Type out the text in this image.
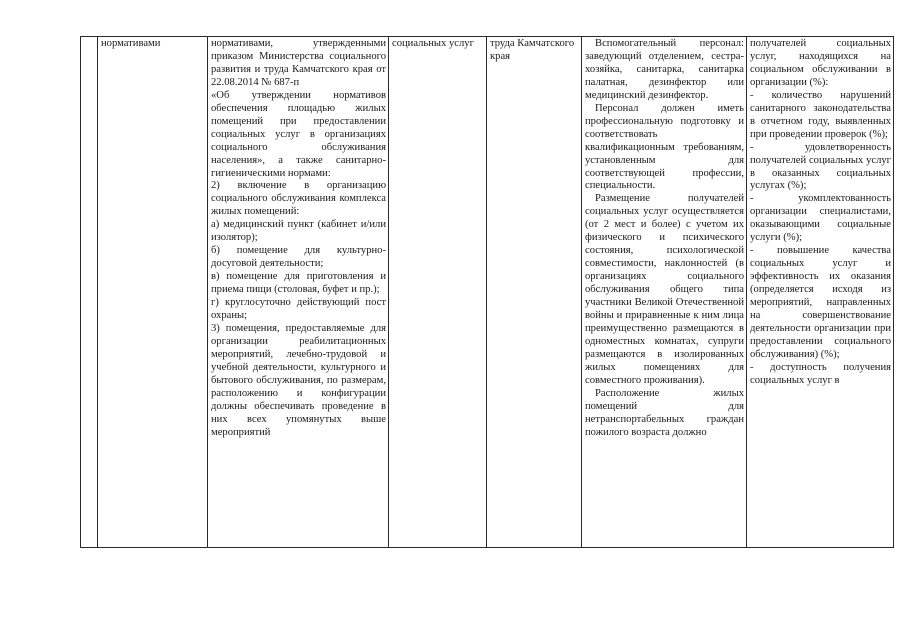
нормативами	нормативами, утвержденными приказом Министерства социального развития и труда Камчатского края от 22.08.2014 № 687-п

«Об утверждении нормативов обеспечения площадью жилых помещений при предоставлении социальных услуг в организациях социального обслуживания населения», а также санитарно-гигиеническими нормами:

2) включение в организацию социального обслуживания комплекса жилых помещений:

а) медицинский пункт (кабинет и/или изолятор);

б) помещение для культурно-досуговой деятельности;

в) помещение для приготовления и приема пищи (столовая, буфет и пр.);

г) круглосуточно действующий пост охраны;

3) помещения, предоставляемые для организации реабилитационных мероприятий, лечебно-трудовой и учебной деятельности, культурного и бытового обслуживания, по размерам, расположению и конфигурации должны обеспечивать проведение в них всех упомянутых выше мероприятий

социальных услуг	труда Камчатского края

Вспомогательный персонал: заведующий отделением, сестра-хозяйка, санитарка, санитарка палатная, дезинфектор или медицинский дезинфектор.

Персонал должен иметь профессиональную подготовку и соответствовать квалификационным требованиям, установленным для соответствующей профессии, специальности.

Размещение получателей социальных услуг осуществляется (от 2 мест и более) с учетом их физического и психического состояния, психологической совместимости, наклонностей (в организациях социального обслуживания общего типа участники Великой Отечественной войны и приравненные к ним лица преимущественно размещаются в одноместных комнатах, супруги размещаются в изолированных жилых помещениях для совместного проживания).

Расположение жилых помещений для нетранспортабельных граждан пожилого возраста должно

получателей социальных услуг, находящихся на социальном обслуживании в организации (%):

- количество нарушений санитарного законодательства в отчетном году, выявленных при проведении проверок (%);

- удовлетворенность получателей социальных услуг в оказанных социальных услугах (%);

- укомплектованность организации специалистами, оказывающими социальные услуги (%);

- повышение качества социальных услуг и эффективность их оказания (определяется исходя из мероприятий, направленных на совершенствование деятельности организации при предоставлении социального обслуживания) (%);

- доступность получения социальных услуг в
